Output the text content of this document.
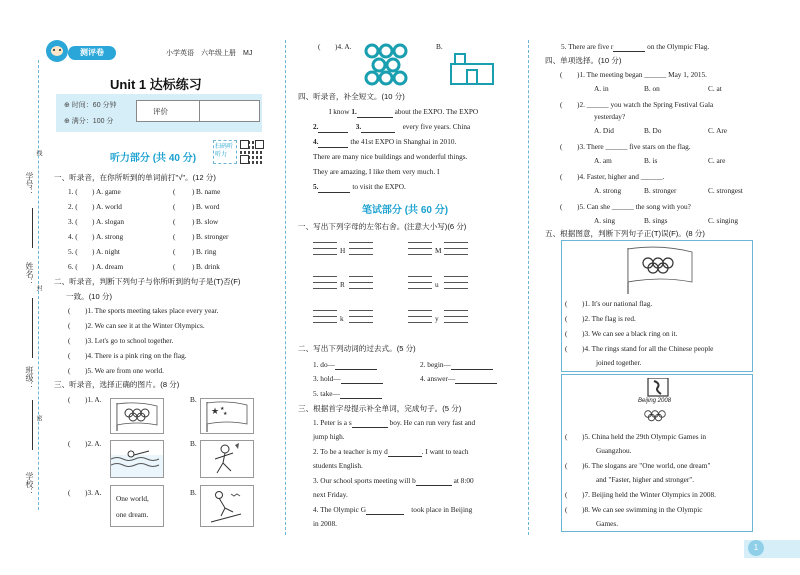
学号：
姓名：
班级：
学校：
线
封
密
测评卷	小学英语　六年级上册　MJ
Unit 1 达标练习
⊕ 时间：60 分钟
⊕ 满分：100 分
评价
听力部分 (共 40 分)
扫码听听力
一、听录音，在你所听到的单词前打"√"。(12 分)
1. (	A. game	(	B. name
)	)
2. (	A. world	(	B. word
)	)
3. (	A. slogan	(	B. slow
)	)
4. (	A. strong	(	B. stronger
)	)
5. (	A. night	(	B. ring
)	)
6. (	A. dream	(	B. drink
)	)
二、听录音，判断下列句子与你所听到的句子是(T)否(F)
一致。(10 分)
(　　)1. The sports meeting takes place every year.
(　　)2. We can see it at the Winter Olympics.
(　　)3. Let's go to school together.
(　　)4. There is a pink ring on the flag.
(　　)5. We are from one world.
三、听录音，选择正确的图片。(8 分)
(　　)1. A.	B.
★ ★
★
(　　)2. A.	B.
(　　)3. A.	B.
One world,
one dream.
(　　)4. A.	B.
四、听录音，补全短文。(10 分)
I know 1.	about the EXPO. The EXPO
2.　	3.　	every five years. China
4.	the 41st EXPO in Shanghai in 2010.
There are many nice buildings and wonderful things.
They are amazing, I like them very much. I
5.	to visit the EXPO.
笔试部分 (共 60 分)
一、写出下列字母的左邻右舍。(注意大小写)(6 分)
H	M
R	u
k	y
二、写出下列动词的过去式。(5 分)
1. do—	2. begin—
3. hold—	4. answer—
5. take—
三、根据首字母提示补全单词，完成句子。(5 分)
1. Peter is a s	boy. He can run very fast and
jump high.
2. To be a teacher is my d	. I want to teach
students English.
3. Our school sports meeting will b	at 8:00
next Friday.
4. The Olympic G　	took place in Beijing
in 2008.
5. There are five r	on the Olympic Flag.
四、单项选择。(10 分)
(　　)1. The meeting began ______ May 1, 2015.
A. in	B. on	C. at
(　　)2. ______ you watch the Spring Festival Gala
yesterday?
A. Did	B. Do	C. Are
(　　)3. There ______ five stars on the flag.
A. am	B. is	C. are
(　　)4. Faster, higher and ______.
A. strong	B. stronger	C. strongest
(　　)5. Can she ______ the song with you?
A. sing	B. sings	C. singing
五、根据图意，判断下列句子正(T)误(F)。(8 分)
(　　)1. It's our national flag.
(　　)2. The flag is red.
(　　)3. We can see a black ring on it.
(　　)4. The rings stand for all the Chinese people
joined together.
Beijing 2008
(　　)5. China held the 29th Olympic Games in
Guangzhou.
(　　)6. The slogans are "One world, one dream"
and "Faster, higher and stronger".
(　　)7. Beijing held the Winter Olympics in 2008.
(　　)8. We can see swimming in the Olympic
Games.
1
